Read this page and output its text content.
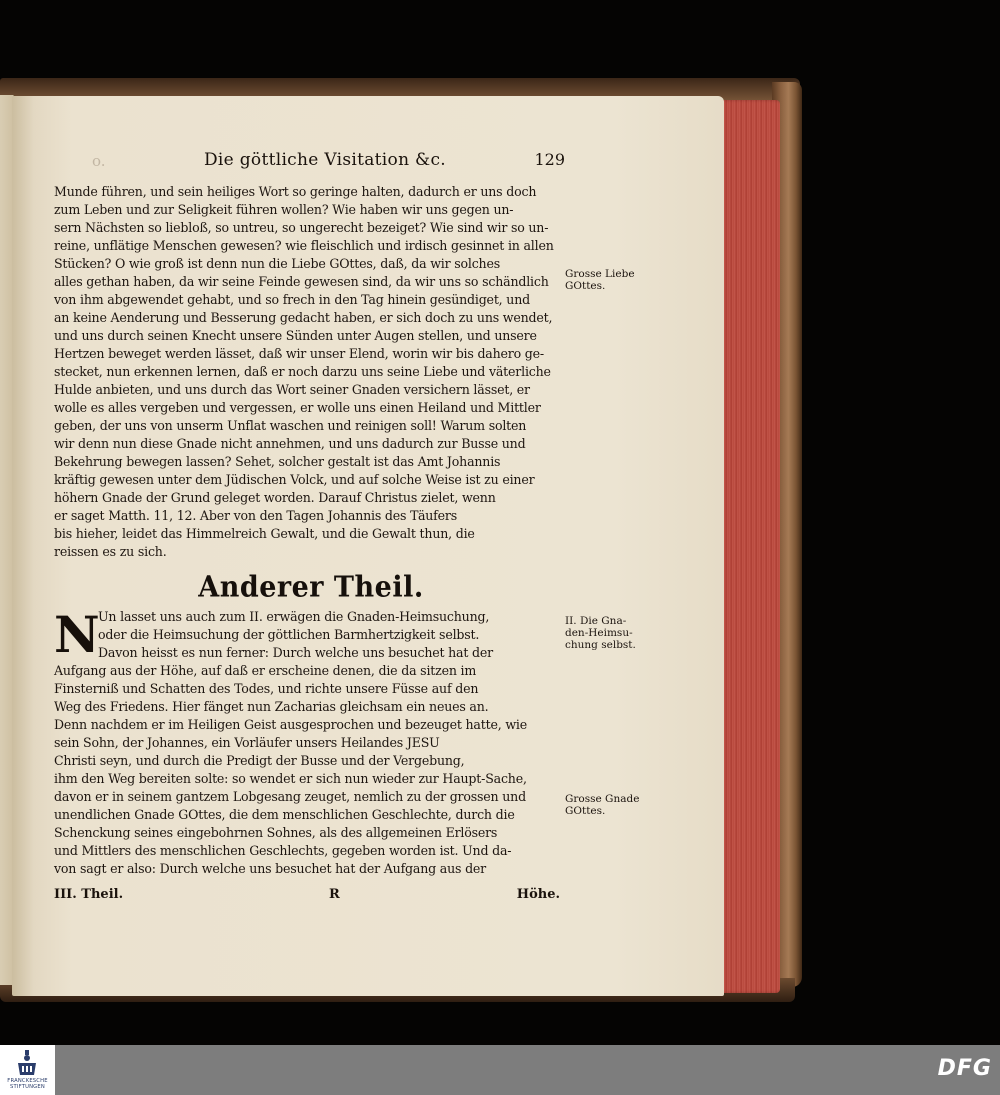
o.	Die göttliche Visitation &c.	129
Munde führen, und sein heiliges Wort so geringe halten, dadurch er uns doch
zum Leben und zur Seligkeit führen wollen? Wie haben wir uns gegen un-
sern Nächsten so liebloß, so untreu, so ungerecht bezeiget? Wie sind wir so un-
reine, unflätige Menschen gewesen? wie fleischlich und irdisch gesinnet in allen
Stücken? O wie groß ist denn nun die Liebe GOttes, daß, da wir solches
alles gethan haben, da wir seine Feinde gewesen sind, da wir uns so schändlich
von ihm abgewendet gehabt, und so frech in den Tag hinein gesündiget, und
an keine Aenderung und Besserung gedacht haben, er sich doch zu uns wendet,
und uns durch seinen Knecht unsere Sünden unter Augen stellen, und unsere
Hertzen beweget werden lässet, daß wir unser Elend, worin wir bis dahero ge-
stecket, nun erkennen lernen, daß er noch darzu uns seine Liebe und väterliche
Hulde anbieten, und uns durch das Wort seiner Gnaden versichern lässet, er
wolle es alles vergeben und vergessen, er wolle uns einen Heiland und Mittler
geben, der uns von unserm Unflat waschen und reinigen soll! Warum solten
wir denn nun diese Gnade nicht annehmen, und uns dadurch zur Busse und
Bekehrung bewegen lassen? Sehet, solcher gestalt ist das Amt Johannis
kräftig gewesen unter dem Jüdischen Volck, und auf solche Weise ist zu einer
höhern Gnade der Grund geleget worden. Darauf Christus zielet, wenn
er saget Matth. 11, 12. Aber von den Tagen Johannis des Täufers
bis hieher, leidet das Himmelreich Gewalt, und die Gewalt thun, die
reissen es zu sich.
Grosse Liebe
GOttes.
Anderer Theil.
N
Un lasset uns auch zum II. erwägen die Gnaden-Heimsuchung,
oder die Heimsuchung der göttlichen Barmhertzigkeit selbst.
Davon heisst es nun ferner: Durch welche uns besuchet hat der
Aufgang aus der Höhe, auf daß er erscheine denen, die da sitzen im
Finsterniß und Schatten des Todes, und richte unsere Füsse auf den
Weg des Friedens. Hier fänget nun Zacharias gleichsam ein neues an.
Denn nachdem er im Heiligen Geist ausgesprochen und bezeuget hatte, wie
sein Sohn, der Johannes, ein Vorläufer unsers Heilandes JESU
Christi seyn, und durch die Predigt der Busse und der Vergebung,
ihm den Weg bereiten solte: so wendet er sich nun wieder zur Haupt-Sache,
davon er in seinem gantzem Lobgesang zeuget, nemlich zu der grossen und
unendlichen Gnade GOttes, die dem menschlichen Geschlechte, durch die
Schenckung seines eingebohrnen Sohnes, als des allgemeinen Erlösers
und Mittlers des menschlichen Geschlechts, gegeben worden ist. Und da-
von sagt er also: Durch welche uns besuchet hat der Aufgang aus der
II. Die Gna-
den-Heimsu-
chung selbst.
Grosse Gnade
GOttes.
III. Theil.	R	Höhe.
FRANCKESCHE
STIFTUNGEN
DFG
